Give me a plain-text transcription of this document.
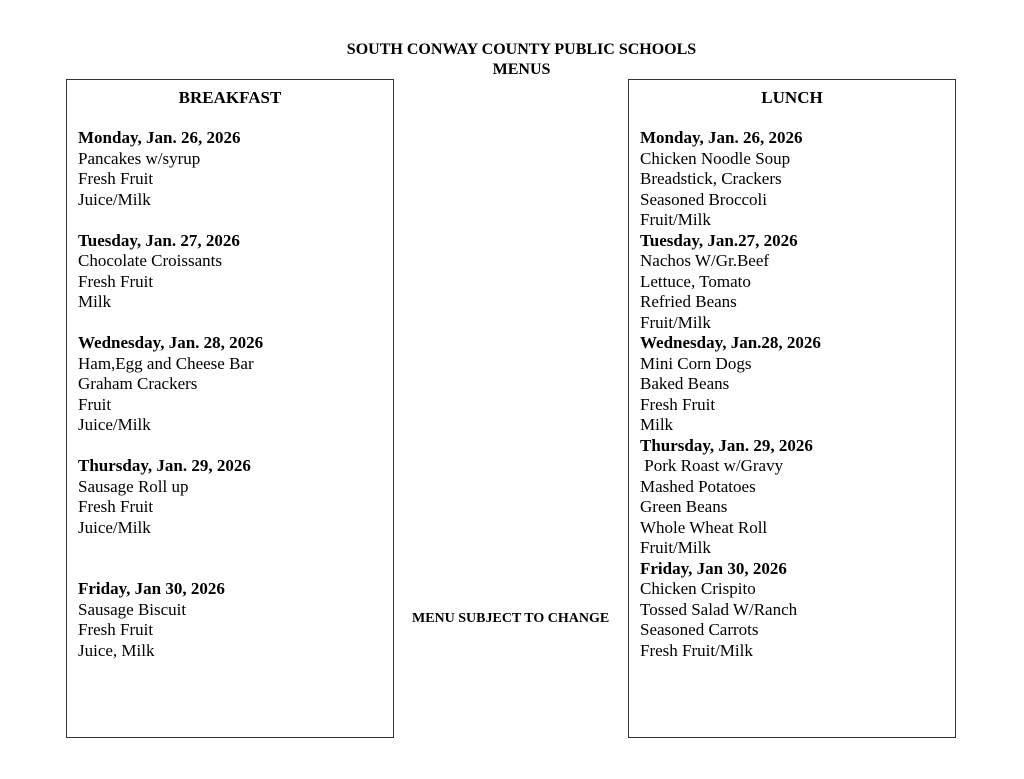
SOUTH CONWAY COUNTY PUBLIC SCHOOLS
MENUS
BREAKFAST
Monday, Jan. 26, 2026
Pancakes w/syrup
Fresh Fruit
Juice/Milk
Tuesday, Jan. 27, 2026
Chocolate Croissants
Fresh Fruit
Milk
Wednesday, Jan. 28, 2026
Ham,Egg and Cheese Bar
Graham Crackers
Fruit
Juice/Milk
Thursday, Jan. 29, 2026
Sausage Roll up
Fresh Fruit
Juice/Milk
Friday, Jan 30, 2026
Sausage Biscuit
Fresh Fruit
Juice, Milk
MENU SUBJECT TO CHANGE
LUNCH
Monday, Jan. 26, 2026
Chicken Noodle Soup
Breadstick, Crackers
Seasoned Broccoli
Fruit/Milk
Tuesday, Jan.27, 2026
Nachos W/Gr.Beef
Lettuce, Tomato
Refried Beans
Fruit/Milk
Wednesday, Jan.28, 2026
Mini Corn Dogs
Baked Beans
Fresh Fruit
Milk
Thursday, Jan. 29, 2026
Pork Roast w/Gravy
Mashed Potatoes
Green Beans
Whole Wheat Roll
Fruit/Milk
Friday, Jan 30, 2026
Chicken Crispito
Tossed Salad W/Ranch
Seasoned Carrots
Fresh Fruit/Milk
